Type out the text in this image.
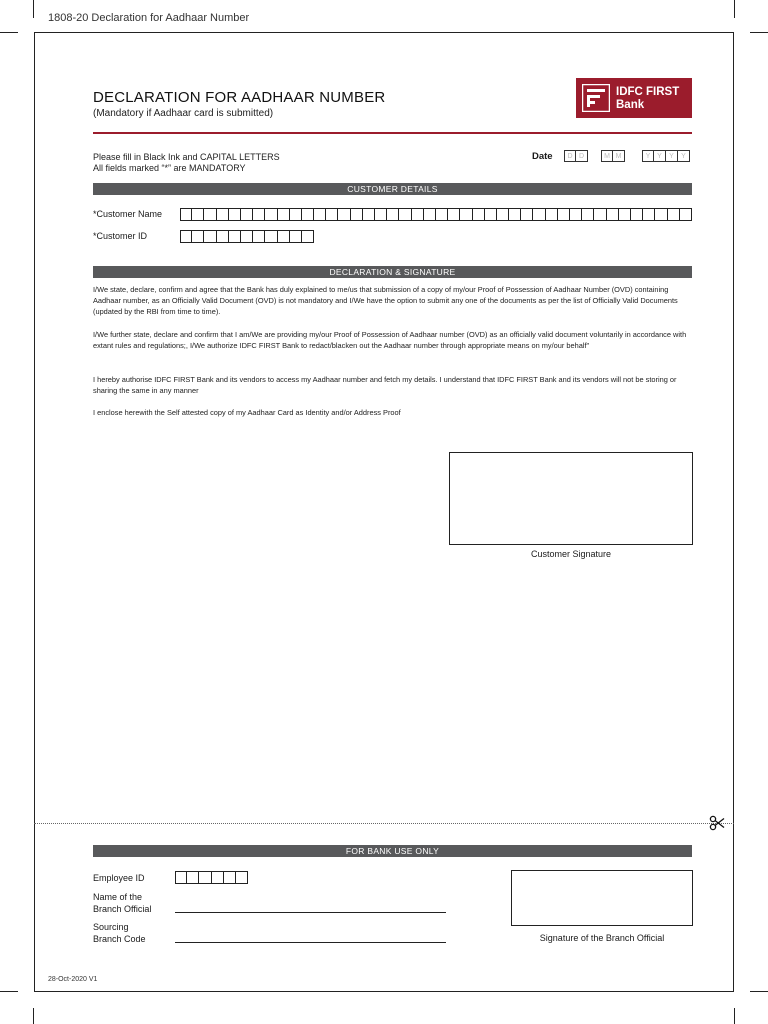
1808-20 Declaration for Aadhaar Number
DECLARATION FOR AADHAAR NUMBER
(Mandatory if Aadhaar card is submitted)
IDFC FIRST
Bank
Please fill in Black Ink and CAPITAL LETTERS
All fields marked “*” are MANDATORY
Date	D D	M M	Y Y	Y	Y
CUSTOMER DETAILS
*Customer Name
*Customer ID
DECLARATION & SIGNATURE
I/We state, declare, confirm and agree that the Bank has duly explained to me/us that submission of a copy of my/our Proof of Possession of Aadhaar Number (OVD) containing Aadhaar number, as an Officially Valid Document (OVD) is not mandatory and I/We have the option to submit any one of the documents as per the list of Officially Valid Documents (updated by the RBI from time to time).
I/We further state, declare and confirm that I am/We are providing my/our Proof of Possession of Aadhaar number (OVD) as an officially valid document voluntarily in accordance with extant rules and regulations;, I/We authorize IDFC FIRST Bank to redact/blacken out the Aadhaar number through appropriate means on my/our behalf"
I hereby authorise IDFC FIRST Bank and its vendors to access my Aadhaar number and fetch my details. I understand that IDFC FIRST Bank and its vendors will not be storing or sharing the same in any manner
I enclose herewith the Self attested copy of my Aadhaar Card as Identity and/or Address Proof
Customer Signature
FOR BANK USE ONLY
Employee ID
Name of the
Branch Official
Sourcing
Branch Code	Signature of the Branch Official
28-Oct-2020 V1
